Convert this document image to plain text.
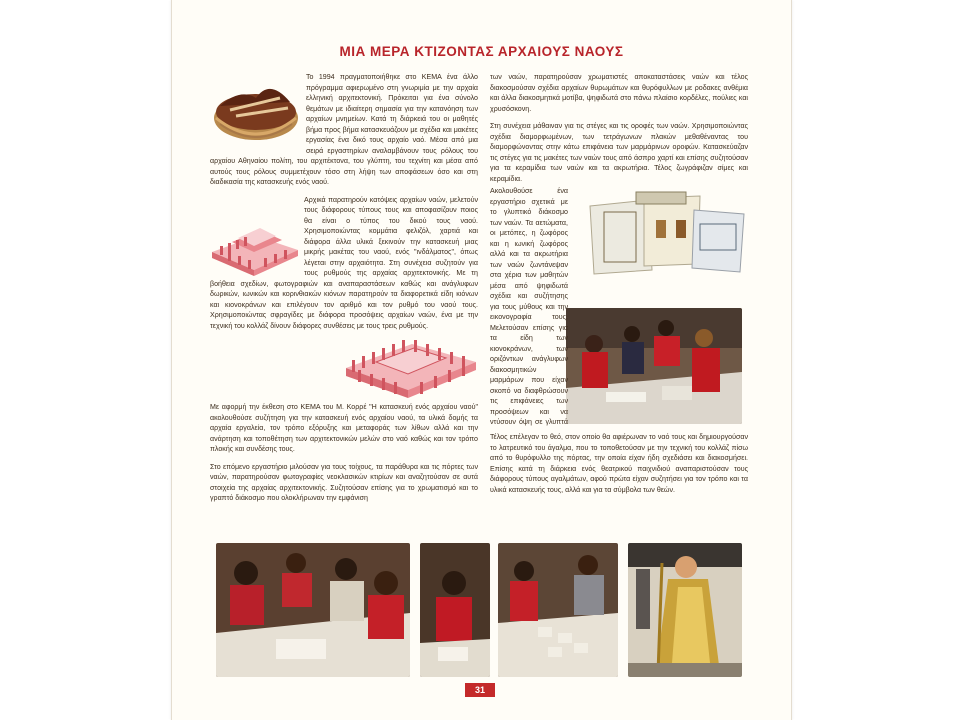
ΜΙΑ ΜΕΡΑ ΚΤΙΖΟΝΤΑΣ ΑΡΧΑΙΟΥΣ ΝΑΟΥΣ

Το 1994 πραγματοποιήθηκε στο ΚΕΜΑ ένα άλλο πρόγραμμα αφιερωμένο στη γνωριμία με την αρχαία ελληνική αρχιτεκτονική. Πρόκειται για ένα σύνολο θεμάτων με ιδιαίτερη σημασία για την κατανόηση των αρχαίων μνημείων. Κατά τη διάρκειά του οι μαθητές βήμα προς βήμα κατασκευάζουν με σχέδια και μακέτες εργασίας ένα δικό τους αρχαίο ναό. Μέσα από μια σειρά εργαστηρίων αναλαμβάνουν τους ρόλους του αρχαίου Αθηναίου πολίτη, του αρχιτέκτονα, του γλύπτη, του τεχνίτη και μέσα από αυτούς τους ρόλους συμμετέχουν τόσο στη λήψη των αποφάσεων όσο και στη διαδικασία της κατασκευής ενός ναού.

Αρχικά παρατηρούν κατόψεις αρχαίων ναών, μελετούν τους διάφορους τύπους τους και αποφασίζουν ποιος θα είναι ο τύπος του δικού τους ναού. Χρησιμοποιώντας κομμάτια φελιζόλ, χαρτιά και διάφορα άλλα υλικά ξεκινούν την κατασκευή μιας μικρής μακέτας του ναού, ενός "ινδάλματος", όπως λέγεται στην αρχαιότητα. Στη συνέχεια συζητούν για τους ρυθμούς της αρχαίας αρχιτεκτονικής. Με τη βοήθεια σχεδίων, φωτογραφιών και αναπαραστάσεων καθώς και ανάγλυφων δωρικών, ιωνικών και κορινθιακών κιόνων παρατηρούν τα διαφορετικά είδη κιόνων και κιονοκράνων και επιλέγουν τον αριθμό και τον ρυθμό του ναού τους. Χρησιμοποιώντας σφραγίδες με διάφορα προσόψεις αρχαίων ναών, ένα με την τεχνική του κολλάζ δίνουν διάφορες συνθέσεις με τους τρεις ρυθμούς.

Με αφορμή την έκθεση στο ΚΕΜΑ του Μ. Κορρέ "Η κατασκευή ενός αρχαίου ναού" ακολουθούσε συζήτηση για την κατασκευή ενός αρχαίου ναού, τα υλικά δομής τα αρχαία εργαλεία, τον τρόπο εξόρυξης και μεταφοράς των λίθων αλλά και την ανάρτηση και τοποθέτηση των αρχιτεκτονικών μελών στο ναό καθώς και τον τρόπο πλοκής και συνδέσης τους.

Στο επόμενο εργαστήριο μιλούσαν για τους τοίχους, τα παράθυρα και τις πόρτες των ναών, παρατηρούσαν φωτογραφίες νεοκλασικών κτιρίων και αναζητούσαν σε αυτά στοιχεία της αρχαίας αρχιτεκτονικής. Συζητούσαν επίσης για το χρωματισμό και το γραπτό διάκοσμο που ολοκλήρωναν την εμφάνιση

των ναών, παρατηρούσαν χρωματιστές αποκαταστάσεις ναών και τέλος διακοσμούσαν σχέδια αρχαίων θυρωμάτων και θυρόφυλλων με ροδακες ανθέμια και άλλα διακοσμητικά μοτίβα, ψηφιδωτά στο πάνω πλαίσιο κορδέλες, πούλιες και χρυσόσκονη.

Στη συνέχεια μάθαιναν για τις στέγες και τις οροφές των ναών. Χρησιμοποιώντας σχέδια διαμορφωμένων, των τετράγωνων πλακών μεθαθέναντας του διαμορφώνοντας στην κάτω επιφάνεια των μαρμάρινων οροφών. Κατασκεύαζαν τις στέγες για τις μακέτες των ναών τους από άσπρο χαρτί και επίσης συζητούσαν για τα κεραμίδια των ναών και τα ακρωτήρια. Τέλος ζωγράφιζαν σίμες και κεραμίδια.

Ακολουθούσε ένα εργαστήριο σχετικά με το γλυπτικό διάκοσμο των ναών. Τα αετώματα, οι μετόπες, η ζωφόρος και η ιωνική ζωφόρος αλλά και τα ακρωτήρια των ναών ζωντάνεψαν στα χέρια των μαθητών μέσα από ψηφιδωτά σχέδια και συζήτησης για τους μύθους και την εικονογραφία τους. Μελετούσαν επίσης για τα είδη των κιονοκράνων, των οριζόντιων ανάγλυφων διακοσμητικών μαρμάρων που είχαν σκοπό να διαφθρώσουν τις επιφάνειες των προσόψεων και να ντύσουν όψη σε γλυπτά

Τέλος επέλεγαν το θεό, στον οποίο θα αφιέρωναν το ναό τους και δημιουργούσαν το λατρευτικό του άγαλμα, που το τοποθετούσαν με την τεχνική του κολλάζ πίσω από το θυρόφυλλο της πόρτας, την οποία είχαν ήδη σχεδιάσει και διακοσμήσει. Επίσης κατά τη διάρκεια ενός θεατρικού παιχνιδιού αναπαριστούσαν τους διάφορους τύπους αγαλμάτων, αφού πρώτα είχαν συζητήσει για τον τρόπο και τα υλικά κατασκευής τους, αλλά και για τα σύμβολα των θεών.

31
